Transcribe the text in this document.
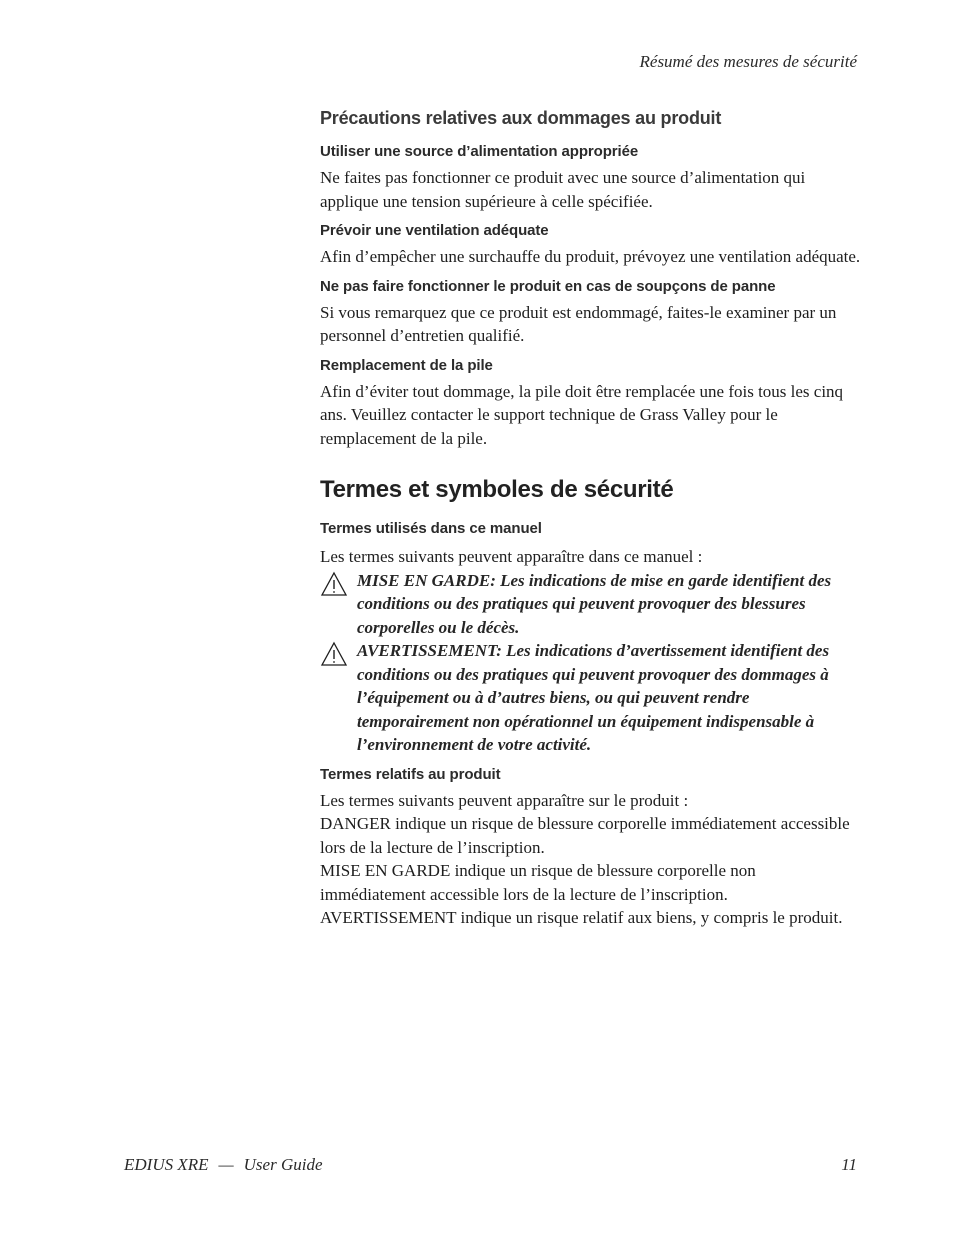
Résumé des mesures de sécurité
Précautions relatives aux dommages au produit
Utiliser une source d’alimentation appropriée

Ne faites pas fonctionner ce produit avec une source d’alimentation qui applique une tension supérieure à celle spécifiée.

Prévoir une ventilation adéquate

Afin d’empêcher une surchauffe du produit, prévoyez une ventilation adéquate.

Ne pas faire fonctionner le produit en cas de soupçons de panne

Si vous remarquez que ce produit est endommagé, faites-le examiner par un personnel d’entretien qualifié.

Remplacement de la pile

Afin d’éviter tout dommage, la pile doit être remplacée une fois tous les cinq ans. Veuillez contacter le support technique de Grass Valley pour le remplacement de la pile.

Termes et symboles de sécurité
Termes utilisés dans ce manuel

Les termes suivants peuvent apparaître dans ce manuel :

MISE EN GARDE: Les indications de mise en garde identifient des conditions ou des pratiques qui peuvent provoquer des blessures corporelles ou le décès.
AVERTISSEMENT: Les indications d’avertissement identifient des conditions ou des pratiques qui peuvent provoquer des dommages à l’équipement ou à d’autres biens, ou qui peuvent rendre temporairement non opérationnel un équipement indispensable à l’environnement de votre activité.
Termes relatifs au produit

Les termes suivants peuvent apparaître sur le produit :

DANGER indique un risque de blessure corporelle immédiatement accessible lors de la lecture de l’inscription.

MISE EN GARDE indique un risque de blessure corporelle non immédiatement accessible lors de la lecture de l’inscription.

AVERTISSEMENT indique un risque relatif aux biens, y compris le produit.

EDIUS XRE — User Guide	11
